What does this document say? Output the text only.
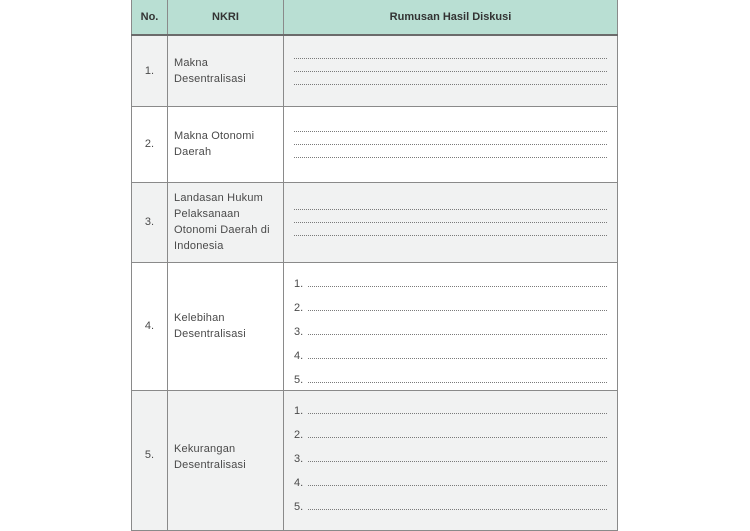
No.	NKRI	Rumusan Hasil Diskusi
1.	Makna Desentralisasi	

2.	Makna Otonomi Daerah	

3.	Landasan Hukum Pelaksanaan Otonomi Daerah di Indonesia	

4.	Kelebihan Desentralisasi	1.
2.
3.
4.
5.

5.	Kekurangan Desentralisasi	1.
2.
3.
4.
5.
